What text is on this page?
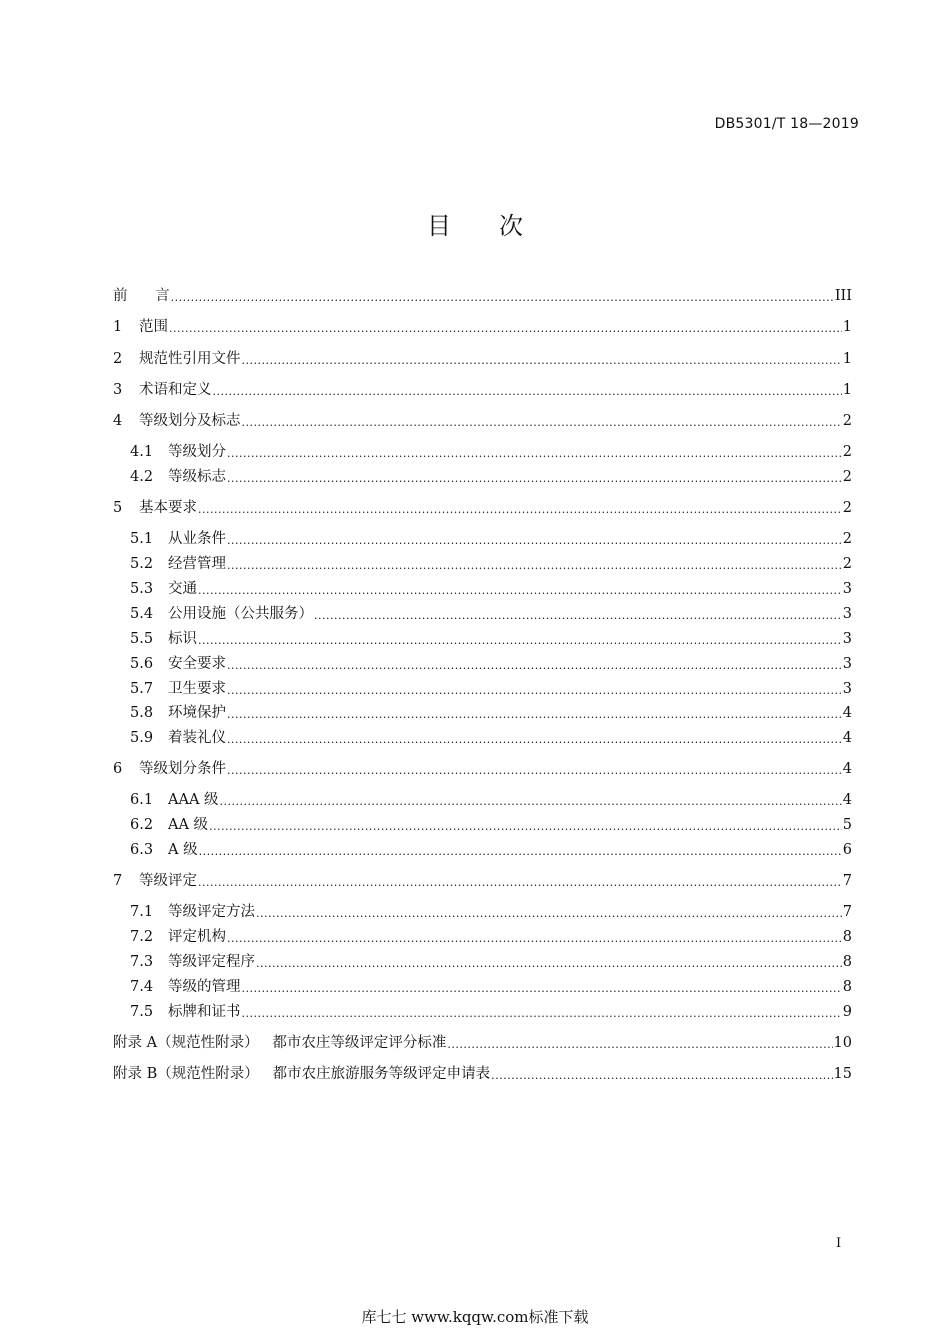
DB5301/T 18—2019
目次
前      言 .....	III
1	范围 .....	1
2	规范性引用文件 .....	1
3	术语和定义 .....	1
4	等级划分及标志 .....	2
4.1	等级划分 .....	2
4.2	等级标志 .....	2
5	基本要求 .....	2
5.1	从业条件 .....	2
5.2	经营管理 .....	2
5.3	交通 .....	3
5.4	公用设施（公共服务） .....	3
5.5	标识 .....	3
5.6	安全要求 .....	3
5.7	卫生要求 .....	3
5.8	环境保护 .....	4
5.9	着装礼仪 .....	4
6	等级划分条件 .....	4
6.1	AAA 级 .....	4
6.2	AA 级 .....	5
6.3	A 级 .....	6
7	等级评定 .....	7
7.1	等级评定方法 .....	7
7.2	评定机构 .....	8
7.3	等级评定程序 .....	8
7.4	等级的管理 .....	8
7.5	标牌和证书 .....	9
附录 A（规范性附录） 都市农庄等级评定评分标准 .....	10
附录 B（规范性附录） 都市农庄旅游服务等级评定申请表 .....	15
I
库七七 www.kqqw.com标准下载
